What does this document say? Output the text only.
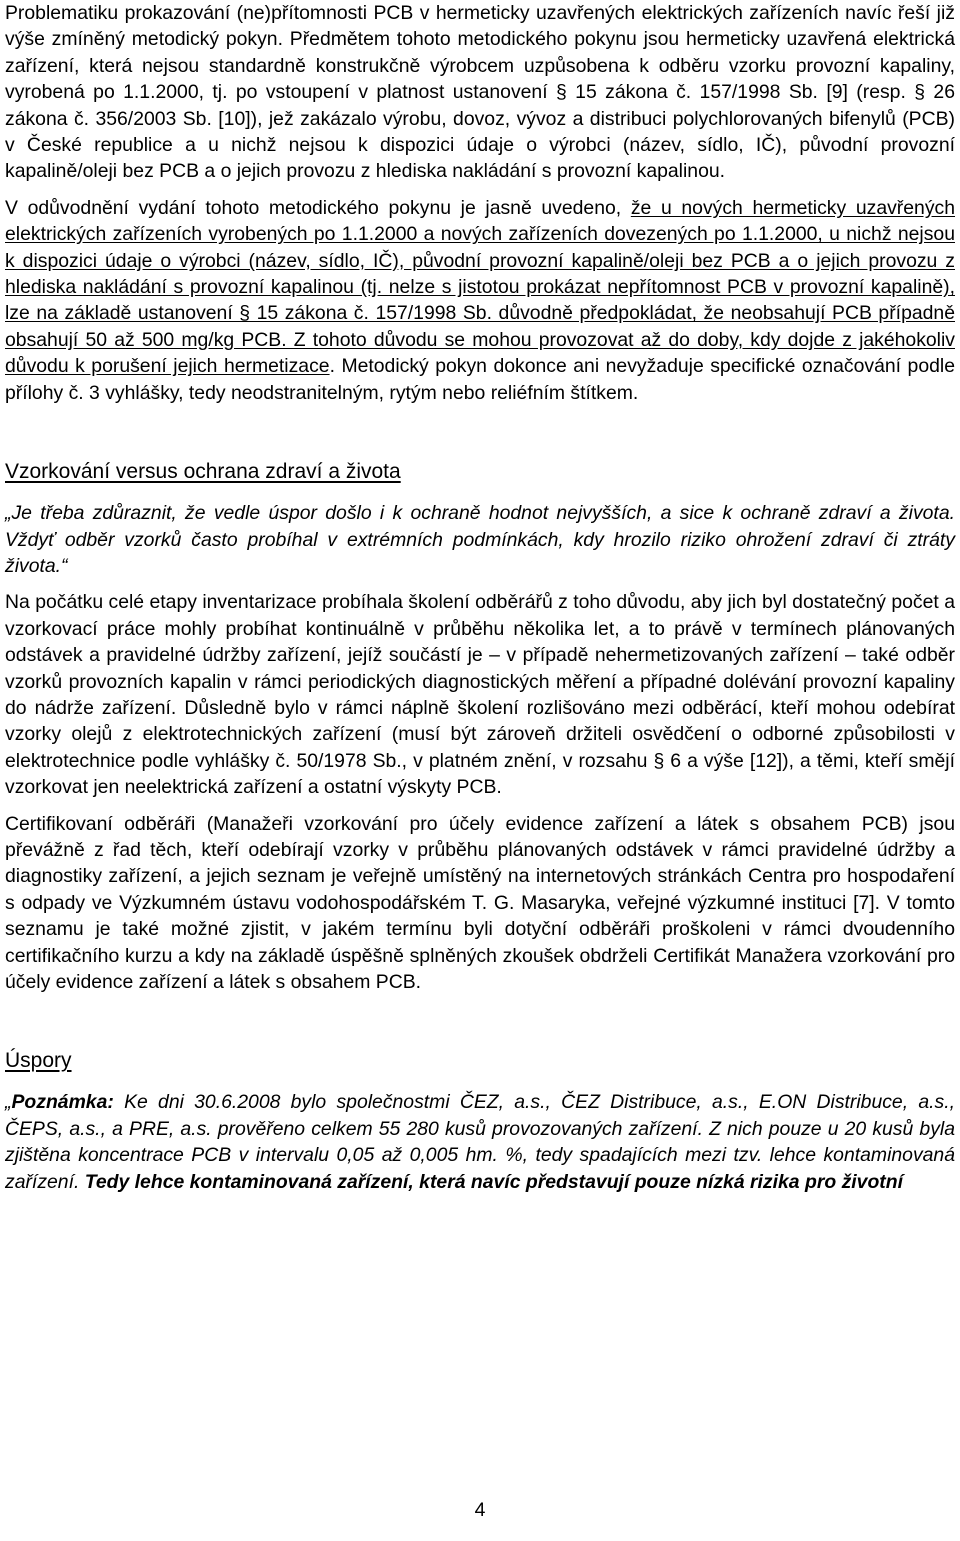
Problematiku prokazování (ne)přítomnosti PCB v hermeticky uzavřených elektrických zařízeních navíc řeší již výše zmíněný metodický pokyn. Předmětem tohoto metodického pokynu jsou hermeticky uzavřená elektrická zařízení, která nejsou standardně konstrukčně výrobcem uzpůsobena k odběru vzorku provozní kapaliny, vyrobená po 1.1.2000, tj. po vstoupení v platnost ustanovení § 15 zákona č. 157/1998 Sb. [9] (resp. § 26 zákona č. 356/2003 Sb. [10]), jež zakázalo výrobu, dovoz, vývoz a distribuci polychlorovaných bifenylů (PCB) v České republice a u nichž nejsou k dispozici údaje o výrobci (název, sídlo, IČ), původní provozní kapalině/oleji bez PCB a o jejich provozu z hlediska nakládání s provozní kapalinou.

V odůvodnění vydání tohoto metodického pokynu je jasně uvedeno, že u nových hermeticky uzavřených elektrických zařízeních vyrobených po 1.1.2000 a nových zařízeních dovezených po 1.1.2000, u nichž nejsou k dispozici údaje o výrobci (název, sídlo, IČ), původní provozní kapalině/oleji bez PCB a o jejich provozu z hlediska nakládání s provozní kapalinou (tj. nelze s jistotou prokázat nepřítomnost PCB v provozní kapalině), lze na základě ustanovení § 15 zákona č. 157/1998 Sb. důvodně předpokládat, že neobsahují PCB případně obsahují 50 až 500 mg/kg PCB. Z tohoto důvodu se mohou provozovat až do doby, kdy dojde z jakéhokoliv důvodu k porušení jejich hermetizace. Metodický pokyn dokonce ani nevyžaduje specifické označování podle přílohy č. 3 vyhlášky, tedy neodstranitelným, rytým nebo reliéfním štítkem.

Vzorkování versus ochrana zdraví a života

„Je třeba zdůraznit, že vedle úspor došlo i k ochraně hodnot nejvyšších, a sice k ochraně zdraví a života. Vždyť odběr vzorků často probíhal v extrémních podmínkách, kdy hrozilo riziko ohrožení zdraví či ztráty života.“

Na počátku celé etapy inventarizace probíhala školení odběrářů z toho důvodu, aby jich byl dostatečný počet a vzorkovací práce mohly probíhat kontinuálně v průběhu několika let, a to právě v termínech plánovaných odstávek a pravidelné údržby zařízení, jejíž součástí je – v případě nehermetizovaných zařízení – také odběr vzorků provozních kapalin v rámci periodických diagnostických měření a případné dolévání provozní kapaliny do nádrže zařízení. Důsledně bylo v rámci náplně školení rozlišováno mezi odběrácí, kteří mohou odebírat vzorky olejů z elektrotechnických zařízení (musí být zároveň držiteli osvědčení o odborné způsobilosti v elektrotechnice podle vyhlášky č. 50/1978 Sb., v platném znění, v rozsahu § 6 a výše [12]), a těmi, kteří smějí vzorkovat jen neelektrická zařízení a ostatní výskyty PCB.

Certifikovaní odběráři (Manažeři vzorkování pro účely evidence zařízení a látek s obsahem PCB) jsou převážně z řad těch, kteří odebírají vzorky v průběhu plánovaných odstávek v rámci pravidelné údržby a diagnostiky zařízení, a jejich seznam je veřejně umístěný na internetových stránkách Centra pro hospodaření s odpady ve Výzkumném ústavu vodohospodářském T. G. Masaryka, veřejné výzkumné instituci [7]. V tomto seznamu je také možné zjistit, v jakém termínu byli dotyční odběráři proškoleni v rámci dvoudenního certifikačního kurzu a kdy na základě úspěšně splněných zkoušek obdrželi Certifikát Manažera vzorkování pro účely evidence zařízení a látek s obsahem PCB.

Úspory

„Poznámka: Ke dni 30.6.2008 bylo společnostmi ČEZ, a.s., ČEZ Distribuce, a.s., E.ON Distribuce, a.s., ČEPS, a.s., a PRE, a.s. prověřeno celkem 55 280 kusů provozovaných zařízení. Z nich pouze u 20 kusů byla zjištěna koncentrace PCB v intervalu 0,05 až 0,005 hm. %, tedy spadajících mezi tzv. lehce kontaminovaná zařízení. Tedy lehce kontaminovaná zařízení, která navíc představují pouze nízká rizika pro životní

4
